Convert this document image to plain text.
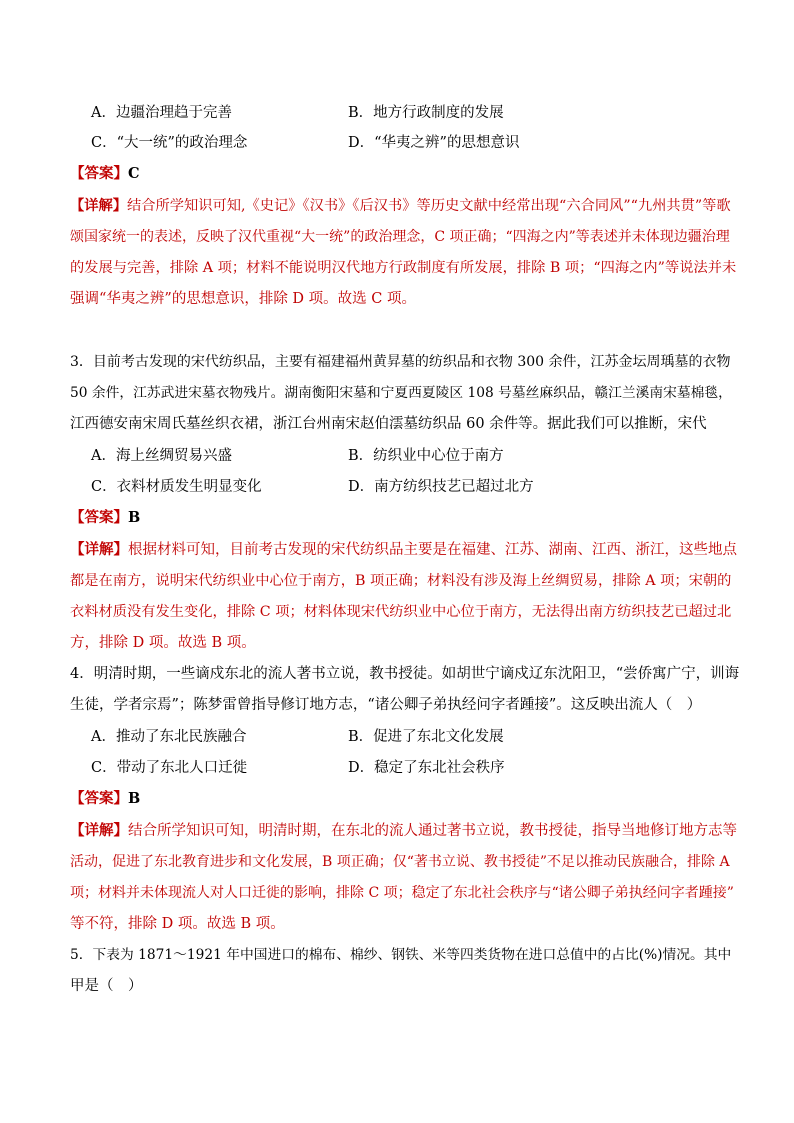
A．边疆治理趋于完善	B．地方行政制度的发展
C．“大一统”的政治理念	D．“华夷之辨”的思想意识
【答案】C
【详解】结合所学知识可知,《史记》《汉书》《后汉书》等历史文献中经常出现“六合同风”“九州共贯”等歌
颂国家统一的表述，反映了汉代重视“大一统”的政治理念，C 项正确；“四海之内”等表述并未体现边疆治理
的发展与完善，排除 A 项；材料不能说明汉代地方行政制度有所发展，排除 B 项；“四海之内”等说法并未
强调“华夷之辨”的思想意识，排除 D 项。故选 C 项。
3．目前考古发现的宋代纺织品，主要有福建福州黄昇墓的纺织品和衣物 300 余件，江苏金坛周瑀墓的衣物
50 余件，江苏武进宋墓衣物残片。湖南衡阳宋墓和宁夏西夏陵区 108 号墓丝麻织品，赣江兰溪南宋墓棉毯，
江西德安南宋周氏墓丝织衣裙，浙江台州南宋赵伯澐墓纺织品 60 余件等。据此我们可以推断，宋代
A．海上丝绸贸易兴盛	B．纺织业中心位于南方
C．衣料材质发生明显变化	D．南方纺织技艺已超过北方
【答案】B
【详解】根据材料可知，目前考古发现的宋代纺织品主要是在福建、江苏、湖南、江西、浙江，这些地点
都是在南方，说明宋代纺织业中心位于南方，B 项正确；材料没有涉及海上丝绸贸易，排除 A 项；宋朝的
衣料材质没有发生变化，排除 C 项；材料体现宋代纺织业中心位于南方，无法得出南方纺织技艺已超过北
方，排除 D 项。故选 B 项。
4．明清时期，一些谪戍东北的流人著书立说，教书授徒。如胡世宁谪戍辽东沈阳卫，“尝侨寓广宁，训诲
生徒，学者宗焉”；陈梦雷曾指导修订地方志，“诸公卿子弟执经问字者踵接”。这反映出流人（　）
A．推动了东北民族融合	B．促进了东北文化发展
C．带动了东北人口迁徙	D．稳定了东北社会秩序
【答案】B
【详解】结合所学知识可知，明清时期，在东北的流人通过著书立说，教书授徒，指导当地修订地方志等
活动，促进了东北教育进步和文化发展，B 项正确；仅“著书立说、教书授徒”不足以推动民族融合，排除 A
项；材料并未体现流人对人口迁徙的影响，排除 C 项；稳定了东北社会秩序与“诸公卿子弟执经问字者踵接”
等不符，排除 D 项。故选 B 项。
5．下表为 1871～1921 年中国进口的棉布、棉纱、钢铁、米等四类货物在进口总值中的占比(%)情况。其中
甲是（　）
